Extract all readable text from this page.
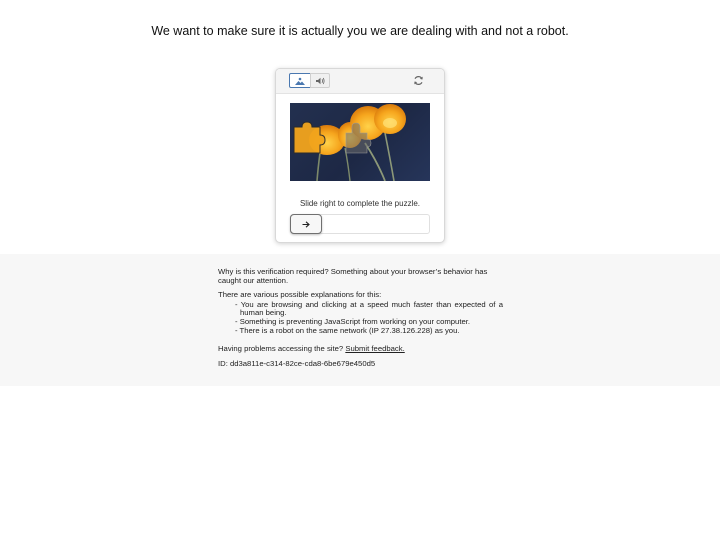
We want to make sure it is actually you we are dealing with and not a robot.
Slide right to complete the puzzle.

Why is this verification required? Something about your browser’s behavior has caught our attention.

There are various possible explanations for this:

- You are browsing and clicking at a speed much faster than expected of a human being.
- Something is preventing JavaScript from working on your computer.
- There is a robot on the same network (IP 27.38.126.228) as you.

Having problems accessing the site? Submit feedback.

ID: dd3a811e-c314-82ce-cda8-6be679e450d5
